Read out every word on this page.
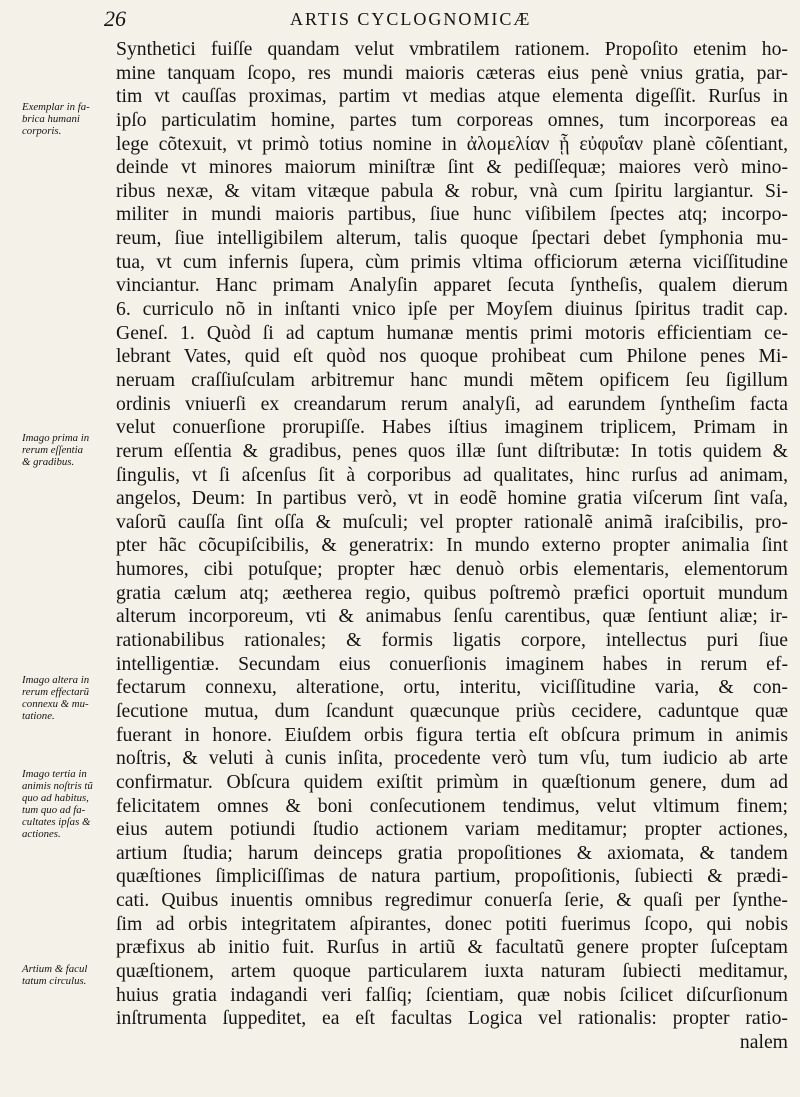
26	ARTIS CYCLOGNOMICÆ
Synthetici fuiſſe quandam velut vmbratilem rationem. Propoſito etenim ho-
mine tanquam ſcopo, res mundi maioris cæteras eius penè vnius gratia, par-
tim vt cauſſas proximas, partim vt medias atque elementa digeſſit. Rurſus in
ipſo particulatim homine, partes tum corporeas omnes, tum incorporeas ea
lege cõtexuit, vt primò totius nomine in ἀλομελίαν ᾗ εὐφυΐαν planè cõſentiant,
deinde vt minores maiorum miniſtræ ſint & pediſſequæ; maiores verò mino-
ribus nexæ, & vitam vitæque pabula & robur, vnà cum ſpiritu largiantur. Si-
militer in mundi maioris partibus, ſiue hunc viſibilem ſpectes atq; incorpo-
reum, ſiue intelligibilem alterum, talis quoque ſpectari debet ſymphonia mu-
tua, vt cum infernis ſupera, cùm primis vltima officiorum æterna viciſſitudine
vinciantur. Hanc primam Analyſin apparet ſecuta ſyntheſis, qualem dierum
6. curriculo nõ in inſtanti vnico ipſe per Moyſem diuinus ſpiritus tradit cap.
Geneſ. 1. Quòd ſi ad captum humanæ mentis primi motoris efficientiam ce-
lebrant Vates, quid eſt quòd nos quoque prohibeat cum Philone penes Mi-
neruam craſſiuſculam arbitremur hanc mundi mẽtem opificem ſeu ſigillum
ordinis vniuerſi ex creandarum rerum analyſi, ad earundem ſyntheſim facta
velut conuerſione prorupiſſe. Habes iſtius imaginem triplicem, Primam in
rerum eſſentia & gradibus, penes quos illæ ſunt diſtributæ: In totis quidem &
ſingulis, vt ſi aſcenſus ſit à corporibus ad qualitates, hinc rurſus ad animam,
angelos, Deum: In partibus verò, vt in eodẽ homine gratia viſcerum ſint vaſa,
vaſorũ cauſſa ſint oſſa & muſculi; vel propter rationalẽ animã iraſcibilis, pro-
pter hãc cõcupiſcibilis, & generatrix: In mundo externo propter animalia ſint
humores, cibi potuſque; propter hæc denuò orbis elementaris, elementorum
gratia cælum atq; æetherea regio, quibus poſtremò præfici oportuit mundum
alterum incorporeum, vti & animabus ſenſu carentibus, quæ ſentiunt aliæ; ir-
rationabilibus rationales; & formis ligatis corpore, intellectus puri ſiue
intelligentiæ. Secundam eius conuerſionis imaginem habes in rerum ef-
fectarum connexu, alteratione, ortu, interitu, viciſſitudine varia, & con-
ſecutione mutua, dum ſcandunt quæcunque priùs cecidere, caduntque quæ
fuerant in honore. Eiuſdem orbis figura tertia eſt obſcura primum in animis
noſtris, & veluti à cunis inſita, procedente verò tum vſu, tum iudicio ab arte
confirmatur. Obſcura quidem exiſtit primùm in quæſtionum genere, dum ad
felicitatem omnes & boni conſecutionem tendimus, velut vltimum finem;
eius autem potiundi ſtudio actionem variam meditamur; propter actiones,
artium ſtudia; harum deinceps gratia propoſitiones & axiomata, & tandem
quæſtiones ſimpliciſſimas de natura partium, propoſitionis, ſubiecti & prædi-
cati. Quibus inuentis omnibus regredimur conuerſa ſerie, & quaſi per ſynthe-
ſim ad orbis integritatem aſpirantes, donec potiti fuerimus ſcopo, qui nobis
præfixus ab initio fuit. Rurſus in artiũ & facultatũ genere propter ſuſceptam
quæſtionem, artem quoque particularem iuxta naturam ſubiecti meditamur,
huius gratia indagandi veri falſiq; ſcientiam, quæ nobis ſcilicet diſcurſionum
inſtrumenta ſuppeditet, ea eſt facultas Logica vel rationalis: propter ratio-
nalem
Exemplar in fa-
brica humani
corporis.
Imago prima in
rerum eſſentia
& gradibus.
Imago altera in
rerum effectarũ
connexu & mu-
tatione.
Imago tertia in
animis noſtris tũ
quo ad habitus,
tum quo ad fa-
cultates ipſas &
actiones.
Artium & facul
tatum circulus.
